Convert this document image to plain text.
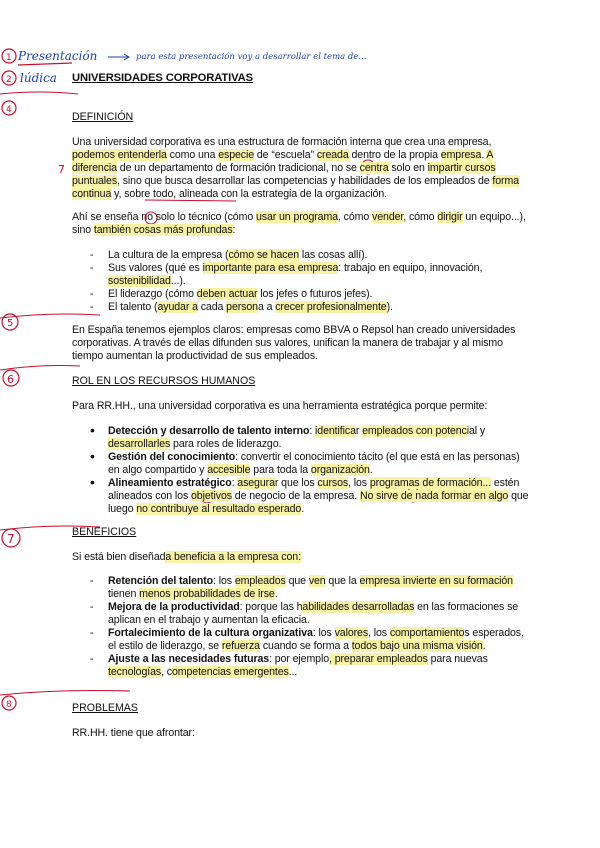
1
2
4
5
6
7
8
Presentación
lúdica
para esta presentación voy a desarrollar el tema de...
7
UNIVERSIDADES CORPORATIVAS
DEFINICIÓN

Una universidad corporativa es una estructura de formación interna que crea una empresa, podemos entenderla como una especie de “escuela” creada dentro de la propia empresa. A diferencia de un departamento de formación tradicional, no se centra solo en impartir cursos puntuales, sino que busca desarrollar las competencias y habilidades de los empleados de forma continua y, sobre todo, alineada con la estrategia de la organización.

Ahí se enseña no solo lo técnico (cómo usar un programa, cómo vender, cómo dirigir un equipo...), sino también cosas más profundas:

- La cultura de la empresa (cómo se hacen las cosas allí).
- Sus valores (qué es importante para esa empresa: trabajo en equipo, innovación, sostenibilidad...).
- El liderazgo (cómo deben actuar los jefes o futuros jefes).
- El talento (ayudar a cada persona a crecer profesionalmente).

En España tenemos ejemplos claros: empresas como BBVA o Repsol han creado universidades corporativas. A través de ellas difunden sus valores, unifican la manera de trabajar y al mismo tiempo aumentan la productividad de sus empleados.

ROL EN LOS RECURSOS HUMANOS

Para RR.HH., una universidad corporativa es una herramienta estratégica porque permite:

• Detección y desarrollo de talento interno: identificar empleados con potencial y desarrollarles para roles de liderazgo.
• Gestión del conocimiento: convertir el conocimiento tácito (el que está en las personas) en algo compartido y accesible para toda la organización.
• Alineamiento estratégico: asegurar que los cursos, los programas de formación... estén alineados con los objetivos de negocio de la empresa. No sirve de nada formar en algo que luego no contribuye al resultado esperado.
BENEFICIOS

Si está bien diseñada beneficia a la empresa con:

- Retención del talento: los empleados que ven que la empresa invierte en su formación tienen menos probabilidades de irse.
- Mejora de la productividad: porque las habilidades desarrolladas en las formaciones se aplican en el trabajo y aumentan la eficacia.
- Fortalecimiento de la cultura organizativa: los valores, los comportamientos esperados, el estilo de liderazgo, se refuerza cuando se forma a todos bajo una misma visión.
- Ajuste a las necesidades futuras: por ejemplo, preparar empleados para nuevas tecnologías, competencias emergentes...
PROBLEMAS

RR.HH. tiene que afrontar:
